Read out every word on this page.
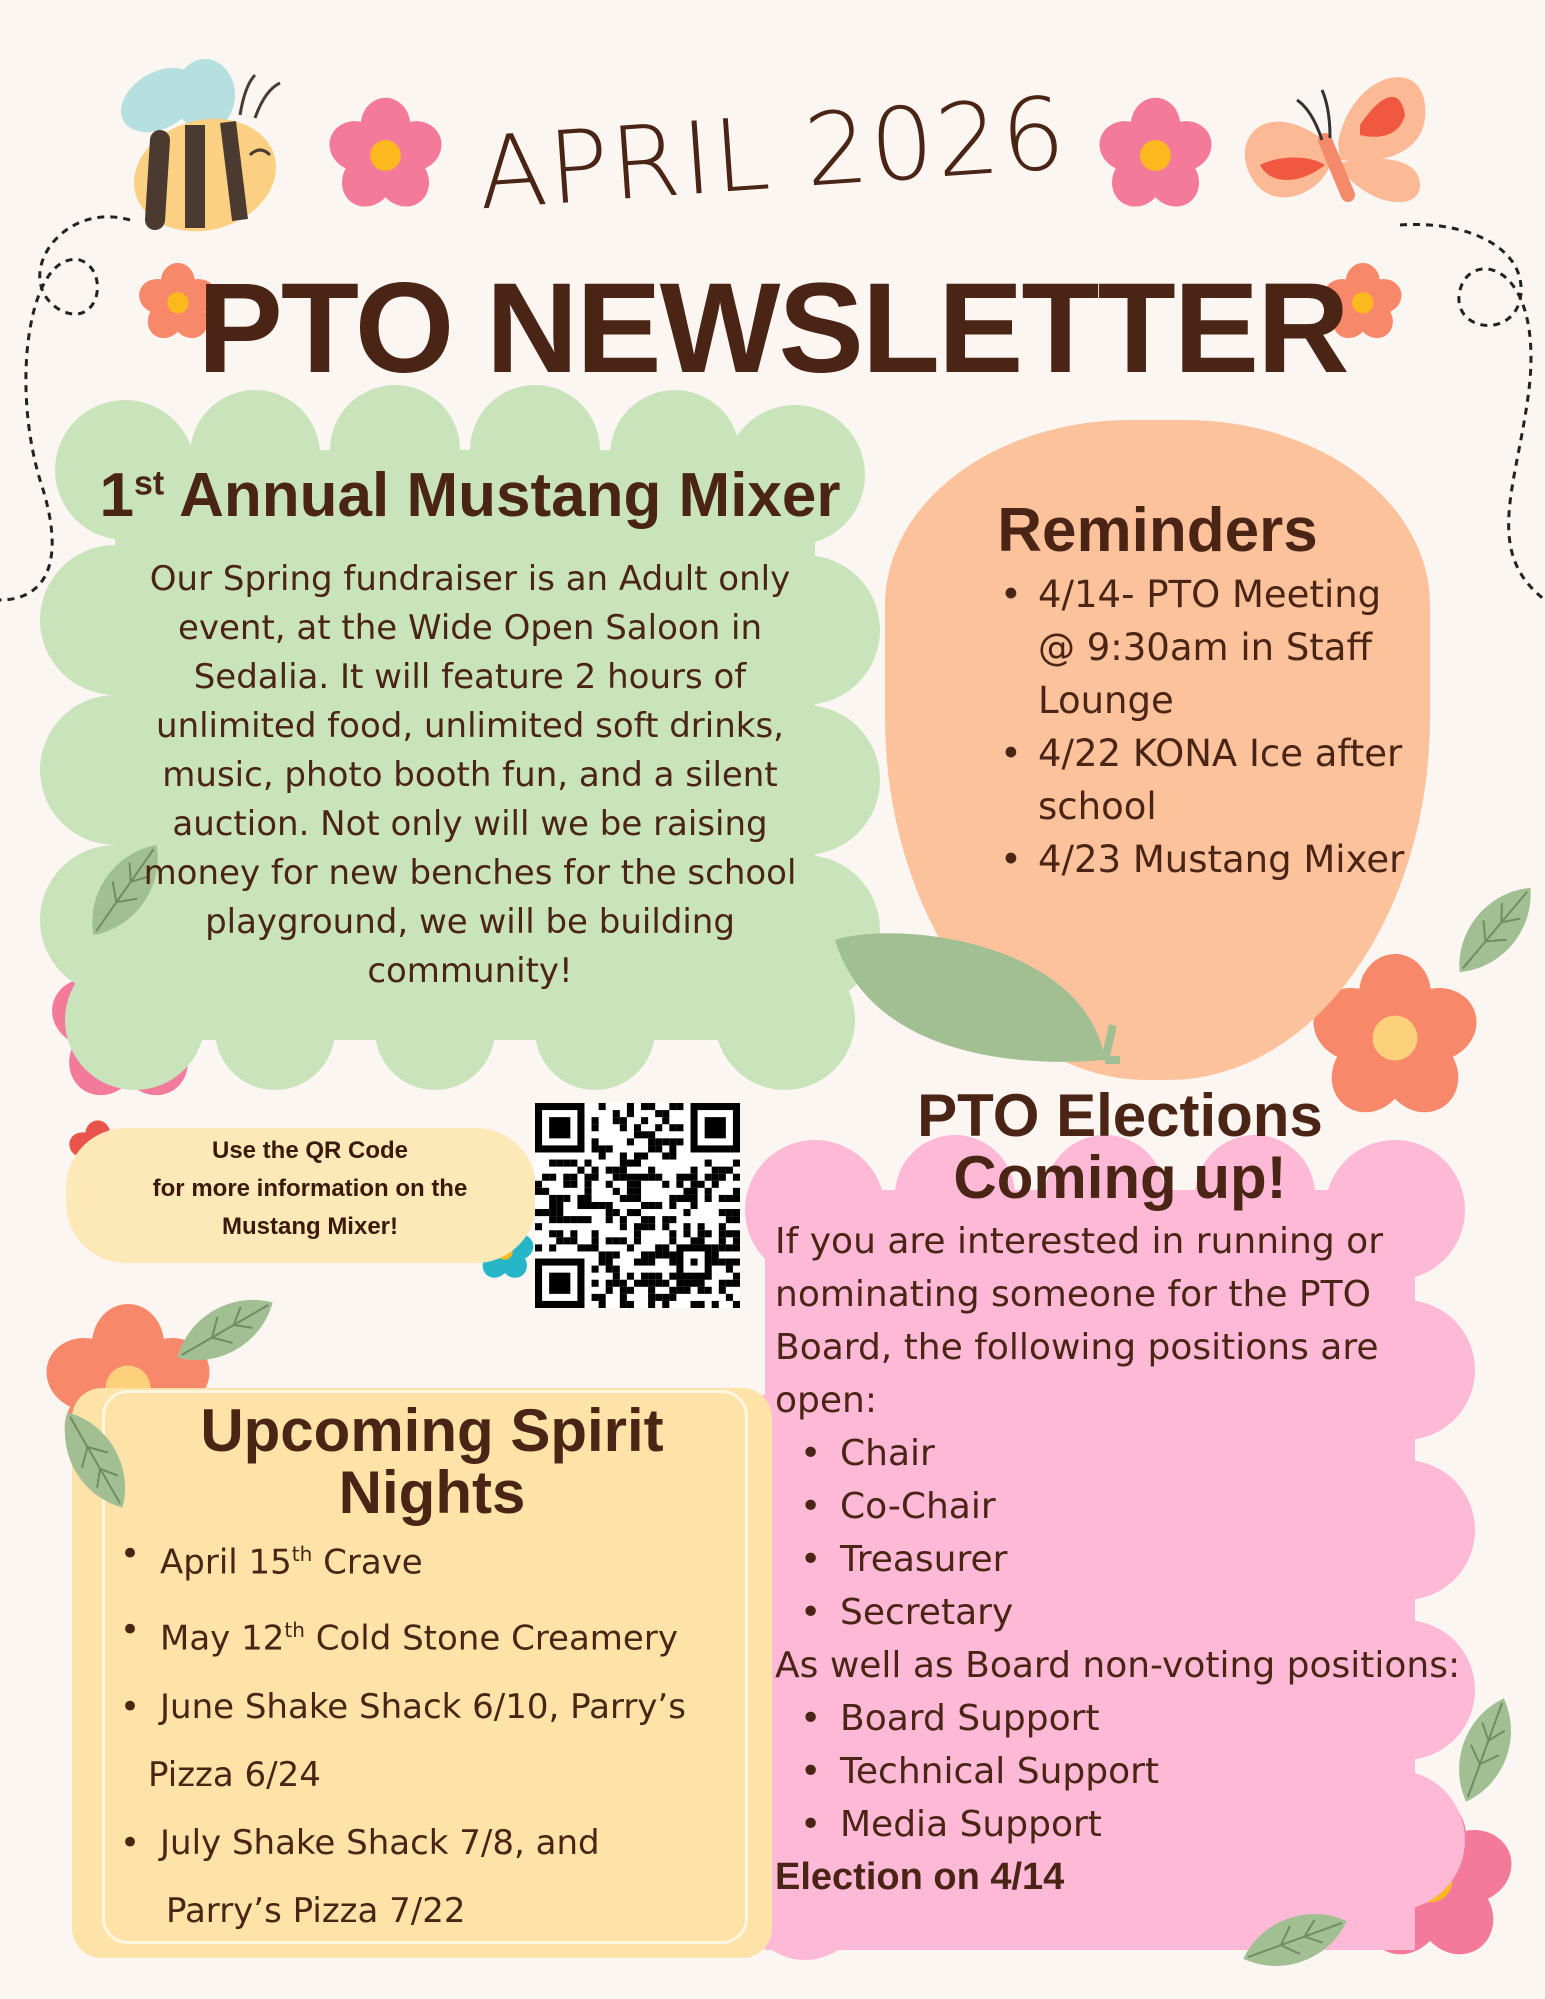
APRIL 2026
PTO NEWSLETTER
1st Annual Mustang Mixer
Our Spring fundraiser is an Adult only event, at the Wide Open Saloon in Sedalia. It will feature 2 hours of unlimited food, unlimited soft drinks, music, photo booth fun, and a silent auction. Not only will we be raising money for new benches for the school playground, we will be building community!
Reminders
• 4/14- PTO Meeting @ 9:30am in Staff Lounge
• 4/22 KONA Ice after school
• 4/23 Mustang Mixer
Use the QR Code
for more information on the
Mustang Mixer!
PTO Elections
Coming up!
If you are interested in running or nominating someone for the PTO Board, the following positions are open:
• Chair
• Co-Chair
• Treasurer
• Secretary
As well as Board non-voting positions:
• Board Support
• Technical Support
• Media Support
Election on 4/14
Upcoming Spirit Nights
• April 15th Crave
• May 12th Cold Stone Creamery
• June Shake Shack 6/10, Parry’s
Pizza 6/24
• July Shake Shack 7/8, and
Parry’s Pizza 7/22
